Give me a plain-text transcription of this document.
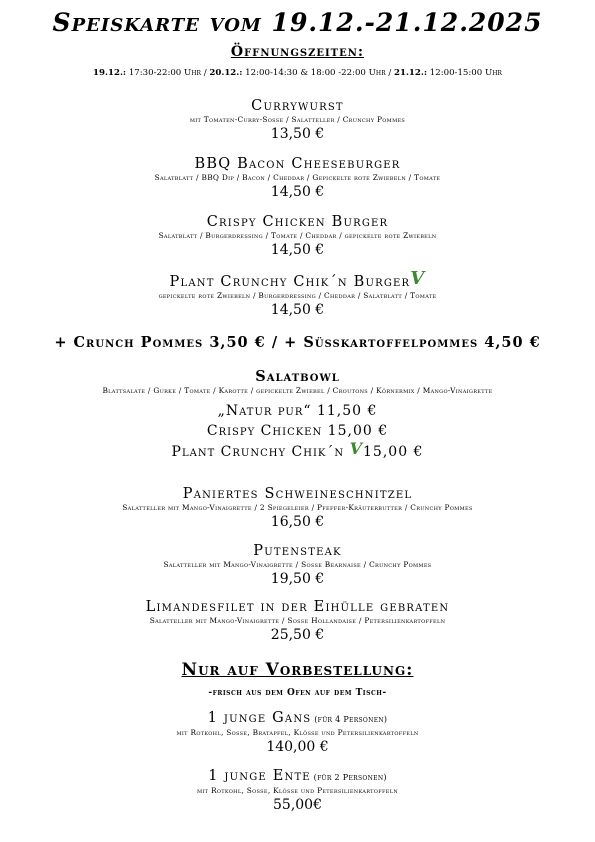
Speiskarte vom 19.12.-21.12.2025
Öffnungszeiten:
19.12.: 17:30-22:00 Uhr / 20.12.: 12:00-14:30 & 18:00 -22:00 Uhr / 21.12.: 12:00-15:00 Uhr
Currywurst
mit Tomaten-Curry-Sosse / Salatteller / Crunchy Pommes
13,50 €
BBQ Bacon Cheeseburger
Salatblatt / BBQ Dip / Bacon / Cheddar / Gepickelte rote Zwiebeln / Tomate
14,50 €
Crispy Chicken Burger
Salatblatt / Burgerdressing / Tomate / Cheddar / gepickelte rote Zwiebeln
14,50 €
Plant Crunchy Chik´n BurgerV
gepickelte rote Zwiebeln / Burgerdressing / Cheddar / Salatblatt / Tomate
14,50 €
+ Crunch Pommes 3,50 € / + Süsskartoffelpommes 4,50 €
Salatbowl
Blattsalate / Gurke / Tomate / Karotte / gepickelte Zwiebel / Croutons / Körnermix / Mango-Vinaigrette
„Natur pur“ 11,50 €
Crispy Chicken 15,00 €
Plant Crunchy Chik´n V15,00 €
Paniertes Schweineschnitzel
Salatteller mit Mango-Vinaigrette / 2 Spiegeleier / Pfeffer-Kräuterbutter / Crunchy Pommes
16,50 €
Putensteak
Salatteller mit Mango-Vinaigrette / Sosse Bearnaise / Crunchy Pommes
19,50 €
Limandesfilet in der Eihülle gebraten
Salatteller mit Mango-Vinaigrette / Sosse Hollandaise / Petersilienkartoffeln
25,50 €
Nur auf Vorbestellung:
-frisch aus dem Ofen auf dem Tisch-
1 junge Gans (für 4 Personen)
mit Rotkohl, Sosse, Bratapfel, Klösse und Petersilienkartoffeln
140,00 €
1 junge Ente (für 2 Personen)
mit Rotkohl, Sosse, Klösse und Petersilienkartoffeln
55,00€
